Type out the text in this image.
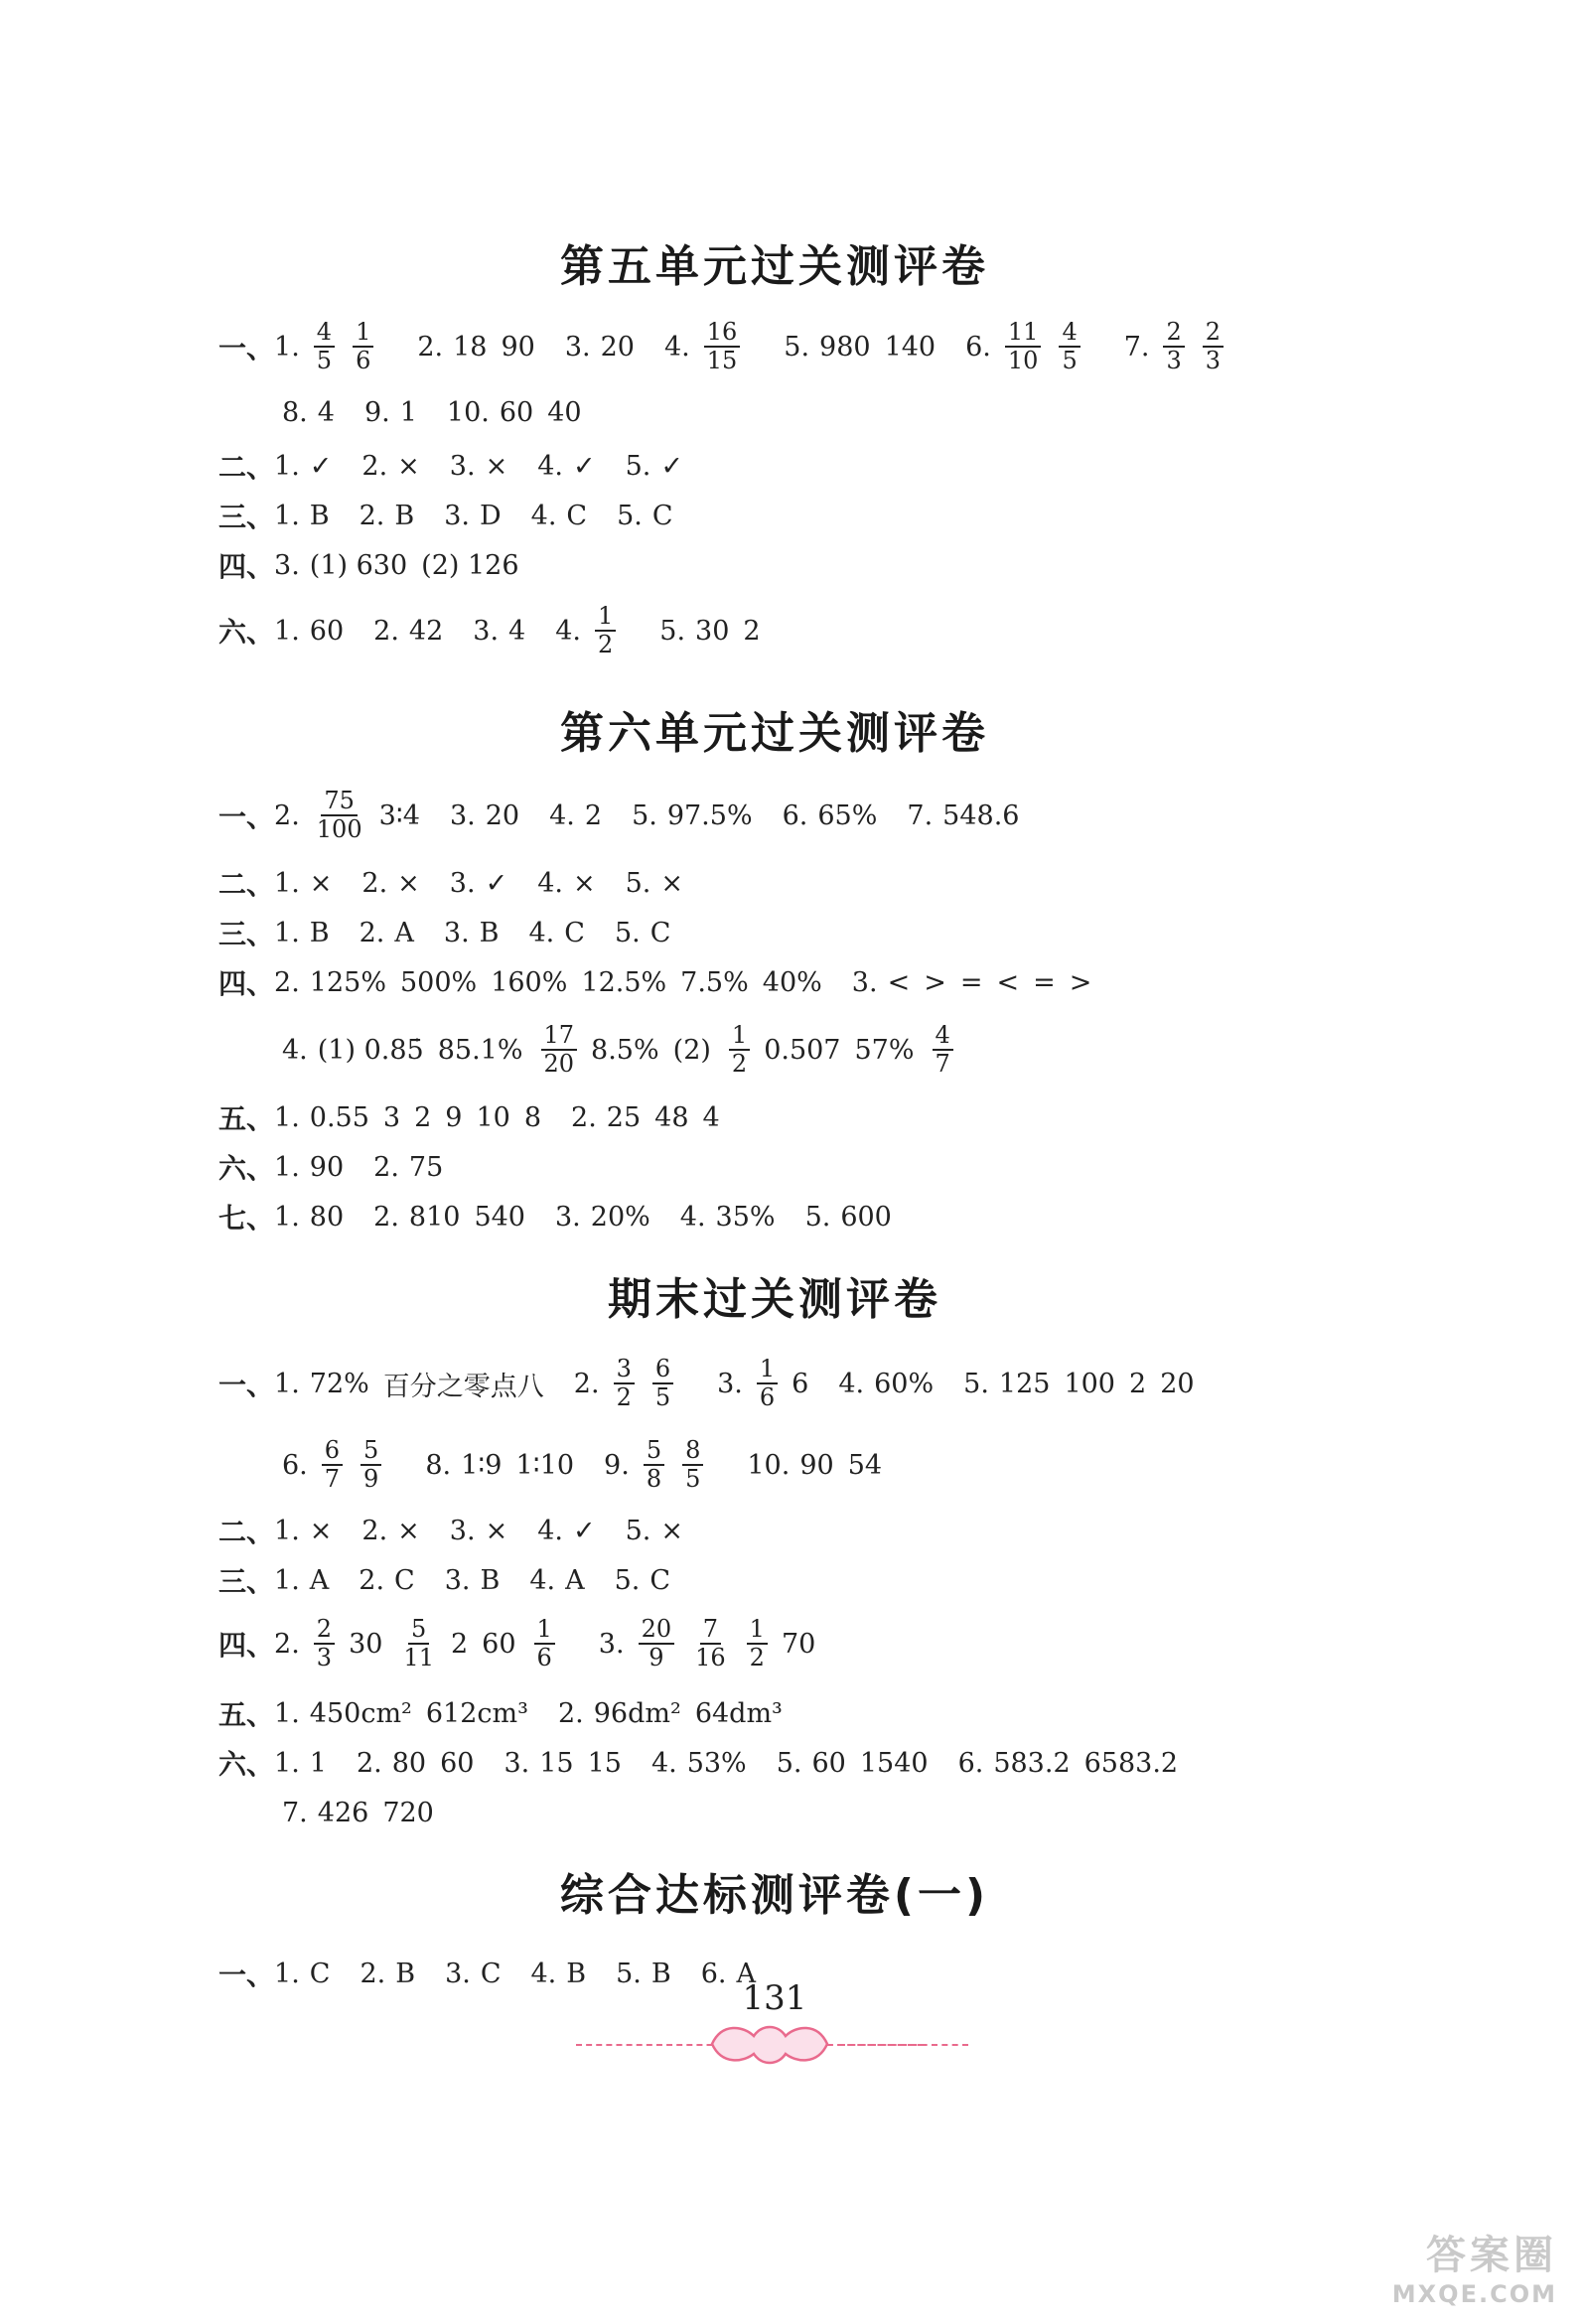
第五单元过关测评卷
一、 1. $\frac{4}{5} \frac{1}{6} 2$. 18 90 3. 20 4. $\frac{16}{15} 5$. 980 140 6. $\frac{11}{10} \frac{4}{5} 7$. $\frac{2}{3} \frac{2}{3}$
8. 4 9. 1 10. 60 40
二、 1. ✓ 2. × 3. × 4. ✓ 5. ✓
三、 1. B 2. B 3. D 4. C 5. C
四、 3. (1) 630 (2) 126
六、 1. 60 2. 42 3. 4 4. $\frac{1}{2} 5$. 30 2
第六单元过关测评卷
一、 2. $\frac{75}{100}$ 3∶4 3. 20 4. 2 5. 97.5% 6. 65% 7. 548.6
二、 1. × 2. × 3. ✓ 4. × 5. ×
三、 1. B 2. A 3. B 4. C 5. C
四、 2. 125% 500% 160% 12.5% 7.5% 40% 3. < > = < = >
4. (1) 0.85̇ $85.1\% \frac{17}{20} 8.5\%$ $(2) \frac{1}{2} 0.507$ $57\% \frac{4}{7}$
五、 1. 0.55 3 2 9 10 8 2. 25 48 4
六、 1. 90 2. 75
七、 1. 80 2. 810 540 3. 20% 4. 35% 5. 600
期末过关测评卷
一、 1. 72% 百分之零点八 2. $\frac{3}{2} \frac{6}{5} 3$. $\frac{1}{6} 6$ 4. 60% 5. 125 100 2 20
6. $\frac{6}{7} \frac{5}{9} 8$. 1∶9 1∶10 9. $\frac{5}{8} \frac{8}{5} 10$. 90 54
二、 1. × 2. × 3. × 4. ✓ 5. ×
三、 1. A 2. C 3. B 4. A 5. C
四、 2. $\frac{2}{3} 30 \frac{5}{11} 2$ $60 \frac{1}{6} 3$. $\frac{20}{9} \frac{7}{16} \frac{1}{2} 70$
五、 1. 450cm² 612cm³ 2. 96dm² 64dm³
六、 1. 1 2. 80 60 3. 15 15 4. 53% 5. 60 1540 6. 583.2 6583.2
7. 426 720
综合达标测评卷(一)
一、 1. C 2. B 3. C 4. B 5. B 6. A
131
答案圈
MXQE.COM
